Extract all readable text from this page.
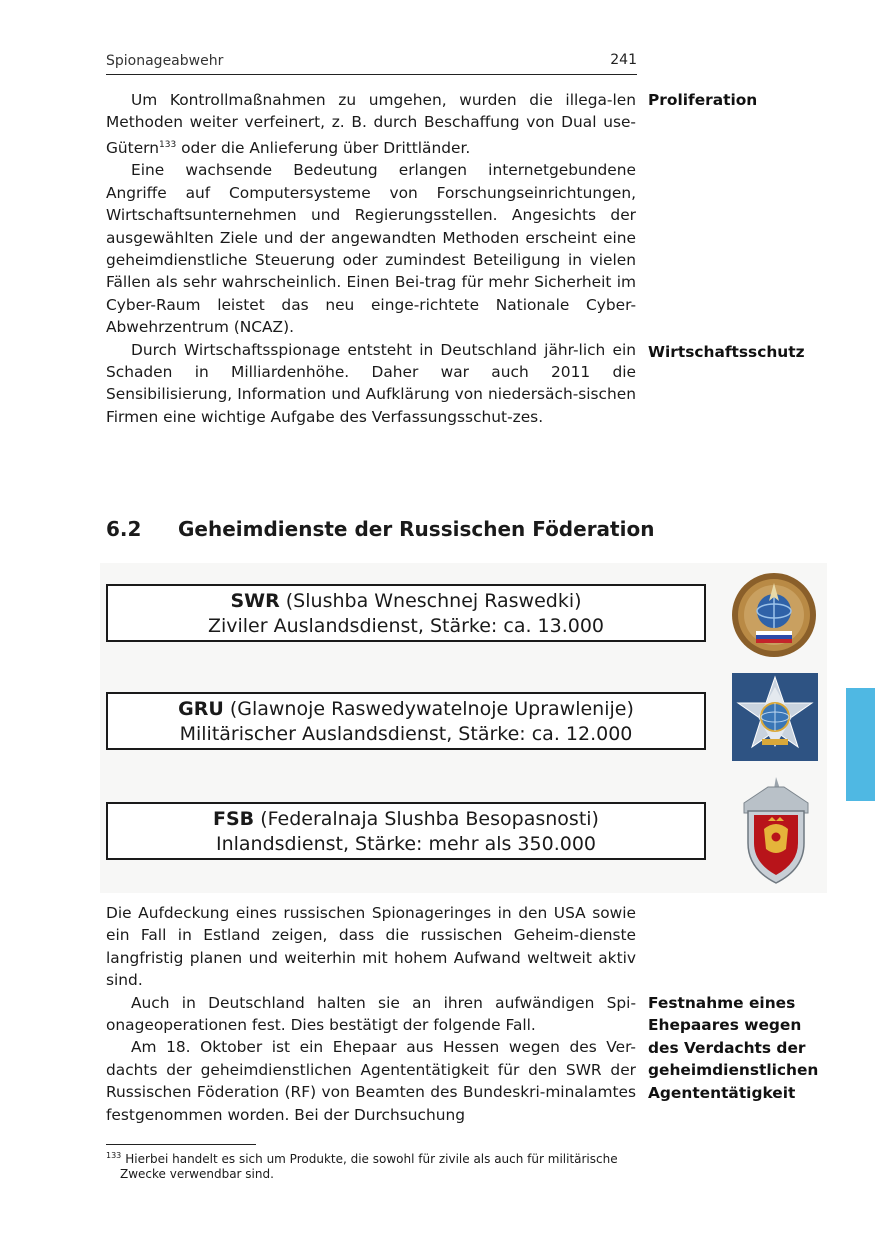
Spionageabwehr	241

Um Kontrollmaßnahmen zu umgehen, wurden die illega-len Methoden weiter verfeinert, z. B. durch Beschaffung von Dual use-Gütern$^{133}$ oder die Anlieferung über Drittländer.

Eine wachsende Bedeutung erlangen internetgebundene Angriffe auf Computersysteme von Forschungseinrichtungen, Wirtschaftsunternehmen und Regierungsstellen. Angesichts der ausgewählten Ziele und der angewandten Methoden erscheint eine geheimdienstliche Steuerung oder zumindest Beteiligung in vielen Fällen als sehr wahrscheinlich. Einen Bei-trag für mehr Sicherheit im Cyber-Raum leistet das neu einge-richtete Nationale Cyber-Abwehrzentrum (NCAZ).

Durch Wirtschaftsspionage entsteht in Deutschland jähr-lich ein Schaden in Milliardenhöhe. Daher war auch 2011 die Sensibilisierung, Information und Aufklärung von niedersäch-sischen Firmen eine wichtige Aufgabe des Verfassungsschut-zes.

Proliferation
Wirtschaftsschutz
6.2 Geheimdienste der Russischen Föderation
SWR (Slushba Wneschnej Raswedki)
Ziviler Auslandsdienst, Stärke: ca. 13.000
GRU (Glawnoje Raswedywatelnoje Uprawlenije)
Militärischer Auslandsdienst, Stärke: ca. 12.000
FSB (Federalnaja Slushba Besopasnosti)
Inlandsdienst, Stärke: mehr als 350.000

Die Aufdeckung eines russischen Spionageringes in den USA sowie ein Fall in Estland zeigen, dass die russischen Geheim-dienste langfristig planen und weiterhin mit hohem Aufwand weltweit aktiv sind.

Auch in Deutschland halten sie an ihren aufwändigen Spi-onageoperationen fest. Dies bestätigt der folgende Fall.

Am 18. Oktober ist ein Ehepaar aus Hessen wegen des Ver-dachts der geheimdienstlichen Agententätigkeit für den SWR der Russischen Föderation (RF) von Beamten des Bundeskri-minalamtes festgenommen worden. Bei der Durchsuchung

Festnahme eines Ehepaares wegen des Verdachts der geheimdienstlichen Agententätigkeit
$^{133}$ Hierbei handelt es sich um Produkte, die sowohl für zivile als auch für militärische
Zwecke verwendbar sind.
